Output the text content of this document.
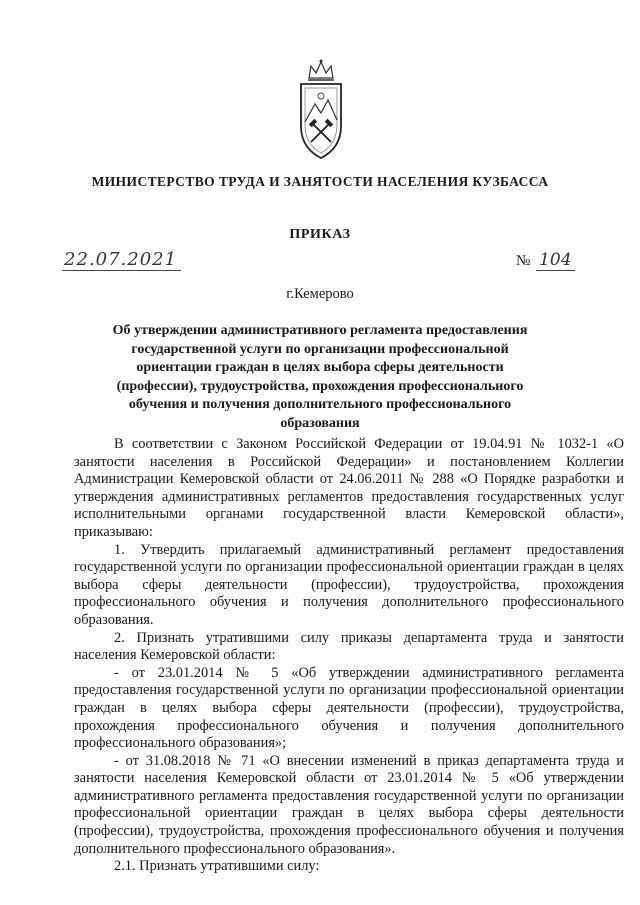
МИНИСТЕРСТВО ТРУДА И ЗАНЯТОСТИ НАСЕЛЕНИЯ КУЗБАССА
ПРИКАЗ
22.07.2021	№ 104
г.Кемерово
Об утверждении административного регламента предоставления государственной услуги по организации профессиональной ориентации граждан в целях выбора сферы деятельности (профессии), трудоустройства, прохождения профессионального обучения и получения дополнительного профессионального образования

В соответствии с Законом Российской Федерации от 19.04.91 № 1032-1 «О занятости населения в Российской Федерации» и постановлением Коллегии Администрации Кемеровской области от 24.06.2011 № 288 «О Порядке разработки и утверждения административных регламентов предоставления государственных услуг исполнительными органами государственной власти Кемеровской области», приказываю:

1. Утвердить прилагаемый административный регламент предоставления государственной услуги по организации профессиональной ориентации граждан в целях выбора сферы деятельности (профессии), трудоустройства, прохождения профессионального обучения и получения дополнительного профессионального образования.

2. Признать утратившими силу приказы департамента труда и занятости населения Кемеровской области:

- от 23.01.2014 № 5 «Об утверждении административного регламента предоставления государственной услуги по организации профессиональной ориентации граждан в целях выбора сферы деятельности (профессии), трудоустройства, прохождения профессионального обучения и получения дополнительного профессионального образования»;

- от 31.08.2018 № 71 «О внесении изменений в приказ департамента труда и занятости населения Кемеровской области от 23.01.2014 № 5 «Об утверждении административного регламента предоставления государственной услуги по организации профессиональной ориентации граждан в целях выбора сферы деятельности (профессии), трудоустройства, прохождения профессионального обучения и получения дополнительного профессионального образования».

2.1. Признать утратившими силу:
